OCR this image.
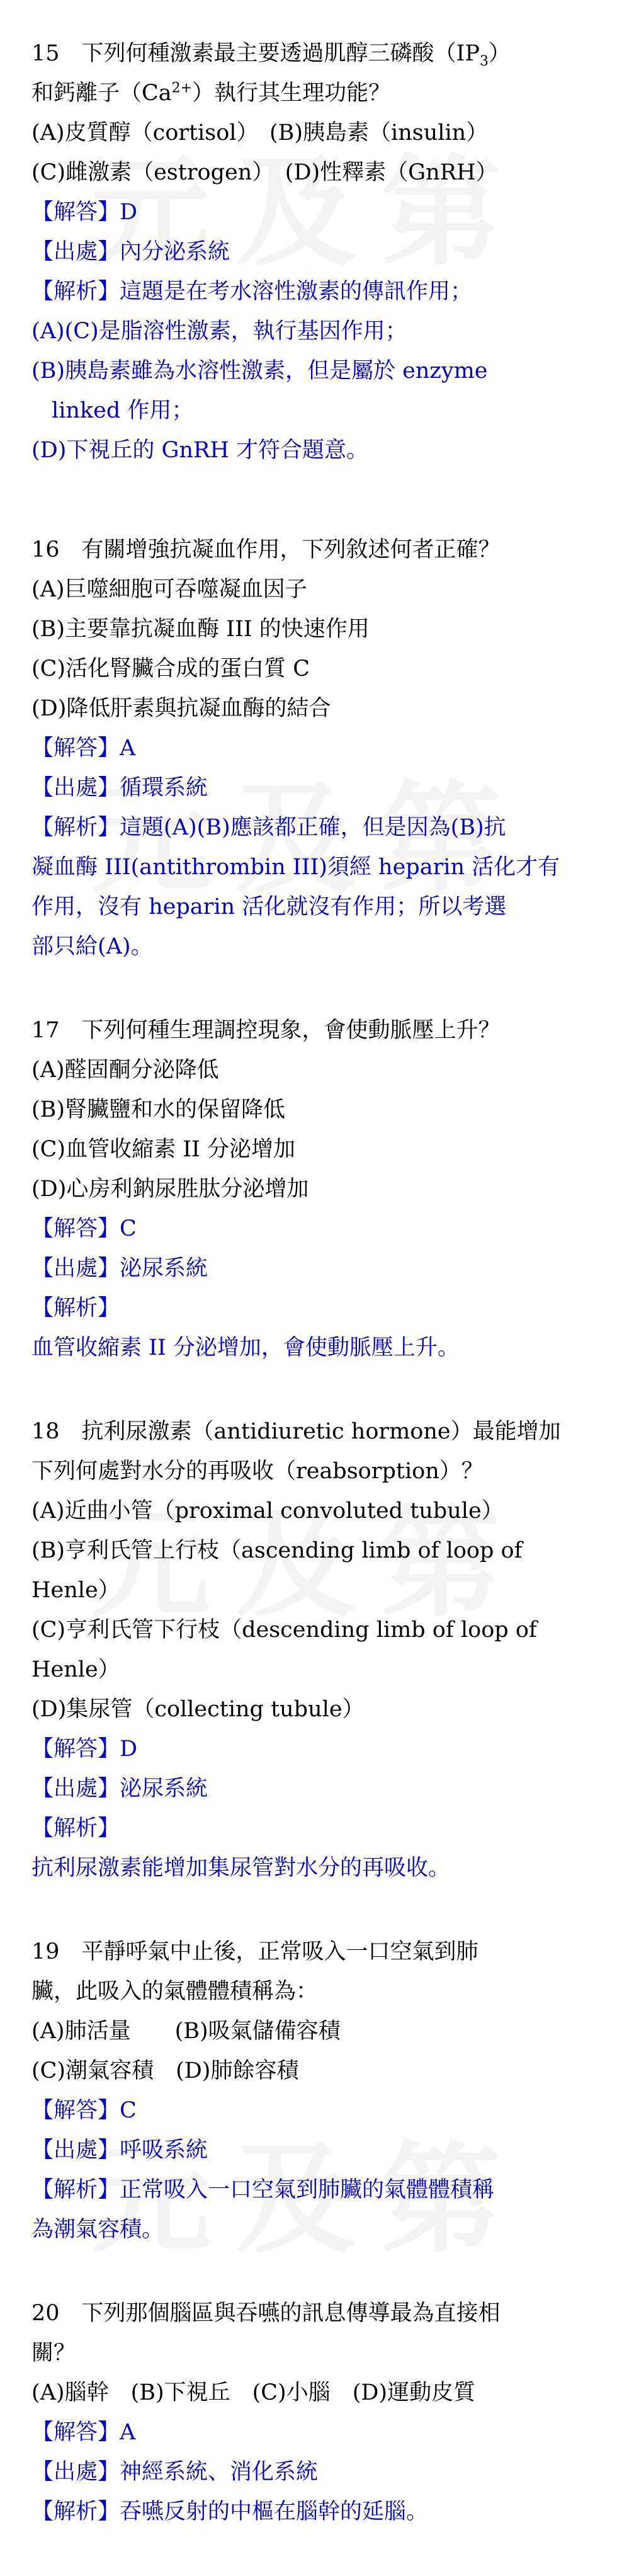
15　下列何種激素最主要透過肌醇三磷酸$(IP_3)$
和鈣離子$(Ca^{2+})$執行其生理功能？
(A)皮質醇（cortisol）　(B)胰島素（insulin）
(C)雌激素（estrogen）　(D)性釋素（GnRH）
【解答】D
【出處】內分泌系統
【解析】這題是在考水溶性激素的傳訊作用；
(A)(C)是脂溶性激素，執行基因作用；
(B)胰島素雖為水溶性激素，但是屬於 enzyme
linked 作用；
(D)下視丘的 GnRH 才符合題意。
16　有關增強抗凝血作用，下列敘述何者正確？
(A)巨噬細胞可吞噬凝血因子
(B)主要靠抗凝血酶 III 的快速作用
(C)活化腎臟合成的蛋白質 C
(D)降低肝素與抗凝血酶的結合
【解答】A
【出處】循環系統
【解析】這題(A)(B)應該都正確，但是因為(B)抗
凝血酶 III(antithrombin III)須經 heparin 活化才有
作用，沒有 heparin 活化就沒有作用；所以考選
部只給(A)。
17　下列何種生理調控現象，會使動脈壓上升？
(A)醛固酮分泌降低
(B)腎臟鹽和水的保留降低
(C)血管收縮素 II 分泌增加
(D)心房利鈉尿胜肽分泌增加
【解答】C
【出處】泌尿系統
【解析】
血管收縮素 II 分泌增加，會使動脈壓上升。
18　抗利尿激素（antidiuretic hormone）最能增加
下列何處對水分的再吸收（reabsorption）？
(A)近曲小管（proximal convoluted tubule）
(B)亨利氏管上行枝（ascending limb of loop of
Henle）
(C)亨利氏管下行枝（descending limb of loop of
Henle）
(D)集尿管（collecting tubule）
【解答】D
【出處】泌尿系統
【解析】
抗利尿激素能增加集尿管對水分的再吸收。
19　平靜呼氣中止後，正常吸入一口空氣到肺
臟，此吸入的氣體體積稱為：
(A)肺活量　　(B)吸氣儲備容積
(C)潮氣容積　(D)肺餘容積
【解答】C
【出處】呼吸系統
【解析】正常吸入一口空氣到肺臟的氣體體積稱
為潮氣容積。
20　下列那個腦區與吞嚥的訊息傳導最為直接相
關？
(A)腦幹　(B)下視丘　(C)小腦　(D)運動皮質
【解答】A
【出處】神經系統、消化系統
【解析】吞嚥反射的中樞在腦幹的延腦。
